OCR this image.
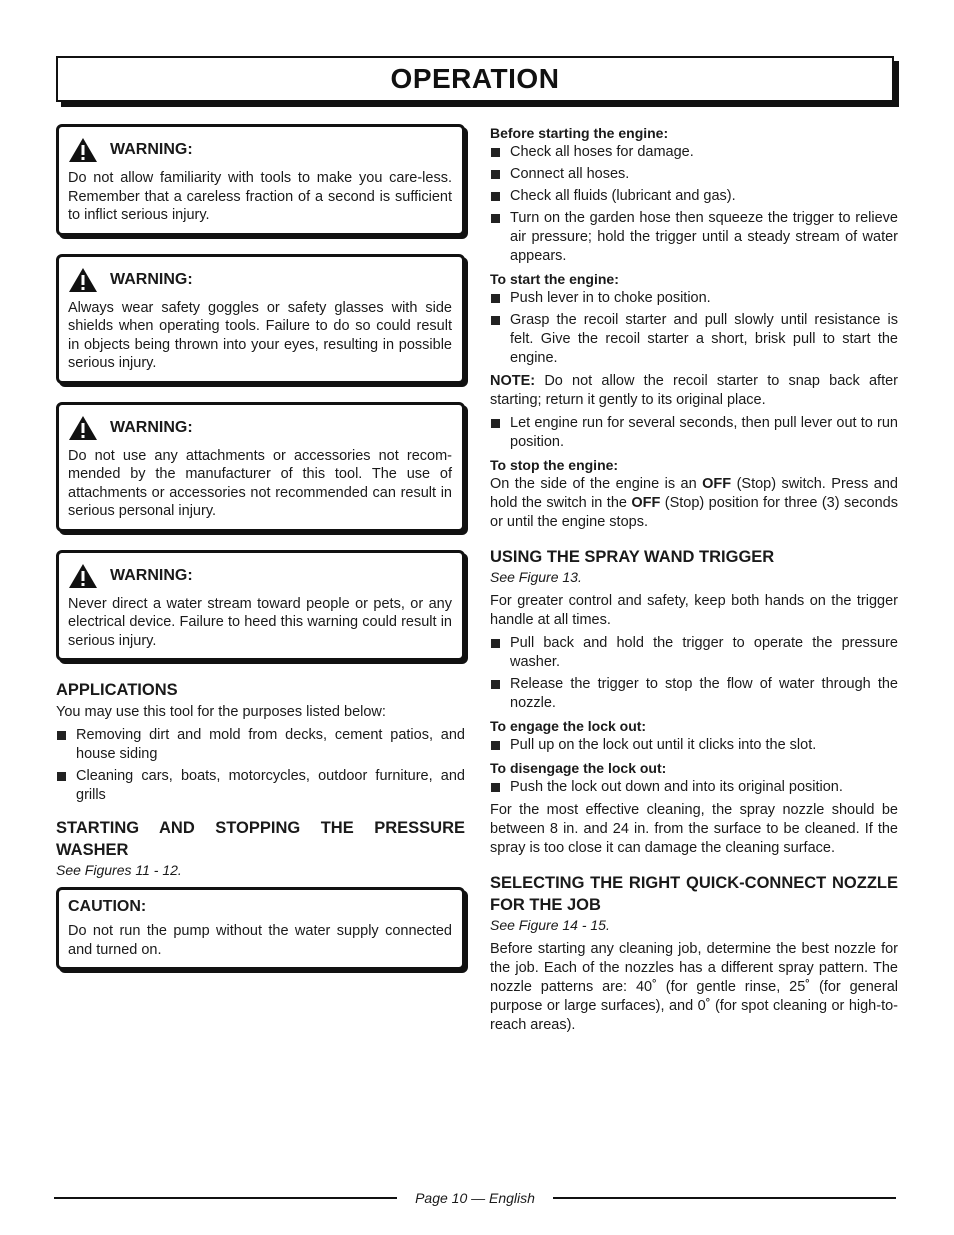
OPERATION
WARNING:

Do not allow familiarity with tools to make you care-less. Remember that a careless fraction of a second is sufficient to inflict serious injury.

WARNING:

Always wear safety goggles or safety glasses with side shields when operating tools. Failure to do so could result in objects being thrown into your eyes, resulting in possible serious injury.

WARNING:

Do not use any attachments or accessories not recom-mended by the manufacturer of this tool. The use of attachments or accessories not recommended can result in serious personal injury.

WARNING:

Never direct a water stream toward people or pets, or any electrical device. Failure to heed this warning could result in serious injury.

APPLICATIONS

You may use this tool for the purposes listed below:

Removing dirt and mold from decks, cement patios, and house siding
Cleaning cars, boats, motorcycles, outdoor furniture, and grills
STARTING AND STOPPING THE PRESSURE WASHER

See Figures 11 - 12.

CAUTION:

Do not run the pump without the water supply connected and turned on.

Before starting the engine:
Check all hoses for damage.
Connect all hoses.
Check all fluids (lubricant and gas).
Turn on the garden hose then squeeze the trigger to relieve air pressure; hold the trigger until a steady stream of water appears.
To start the engine:
Push lever in to choke position.
Grasp the recoil starter and pull slowly until resistance is felt. Give the recoil starter a short, brisk pull to start the engine.

NOTE: Do not allow the recoil starter to snap back after starting; return it gently to its original place.

Let engine run for several seconds, then pull lever out to run position.
To stop the engine:

On the side of the engine is an OFF (Stop) switch. Press and hold the switch in the OFF (Stop) position for three (3) seconds or until the engine stops.

USING THE SPRAY WAND TRIGGER

See Figure 13.

For greater control and safety, keep both hands on the trigger handle at all times.

Pull back and hold the trigger to operate the pressure washer.
Release the trigger to stop the flow of water through the nozzle.
To engage the lock out:
Pull up on the lock out until it clicks into the slot.
To disengage the lock out:
Push the lock out down and into its original position.

For the most effective cleaning, the spray nozzle should be between 8 in. and 24 in. from the surface to be cleaned. If the spray is too close it can damage the cleaning surface.

SELECTING THE RIGHT QUICK-CONNECT NOZZLE FOR THE JOB

See Figure 14 - 15.

Before starting any cleaning job, determine the best nozzle for the job. Each of the nozzles has a different spray pattern. The nozzle patterns are: 40˚ (for gentle rinse, 25˚ (for general purpose or large surfaces), and 0˚ (for spot cleaning or high-to-reach areas).

Page 10 — English
